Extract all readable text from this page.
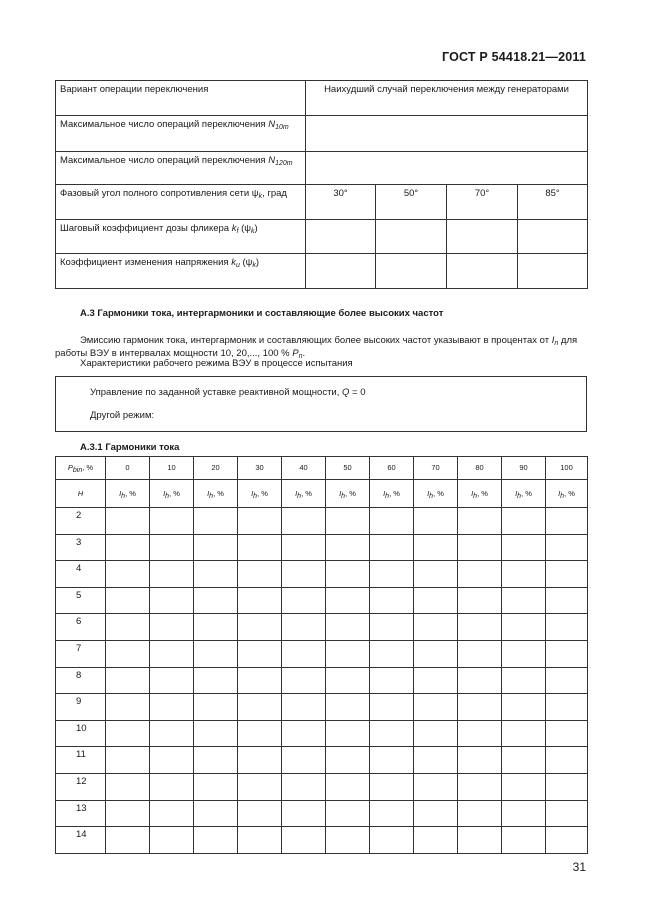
ГОСТ Р 54418.21—2011
Вариант операции переключения	Наихудший случай переключения между генераторами			
Максимальное число операций переключения $N_{10m}$	
Максимальное число операций переключения $N_{120m}$	
Фазовый угол полного сопротивления сети $\psi_k$, град	30°	50°	70°	85°
Шаговый коэффициент дозы фликера $k_f$ $(\psi_k)$				
Коэффициент изменения напряжения $k_u$ $(\psi_k)$				
А.3 Гармоники тока, интергармоники и составляющие более высоких частот
Эмиссию гармоник тока, интергармоник и составляющих более высоких частот указывают в процентах от $I_n$ для работы ВЭУ в интервалах мощности 10, 20,..., 100 % $P_n$.
Характеристики рабочего режима ВЭУ в процессе испытания
Управление по заданной уставке реактивной мощности, Q = 0
Другой режим:
А.3.1 Гармоники тока
$P_{bin}$, %	0	10	20	30	40	50	60	70	80	90	100
H	$I_h$, %	$I_h$, %	$I_h$, %	$I_h$, %	$I_h$, %	$I_h$, %	$I_h$, %	$I_h$, %	$I_h$, %	$I_h$, %	$I_h$, %
2											
3											
4											
5											
6											
7											
8											
9											
10											
11											
12											
13											
14											
31
